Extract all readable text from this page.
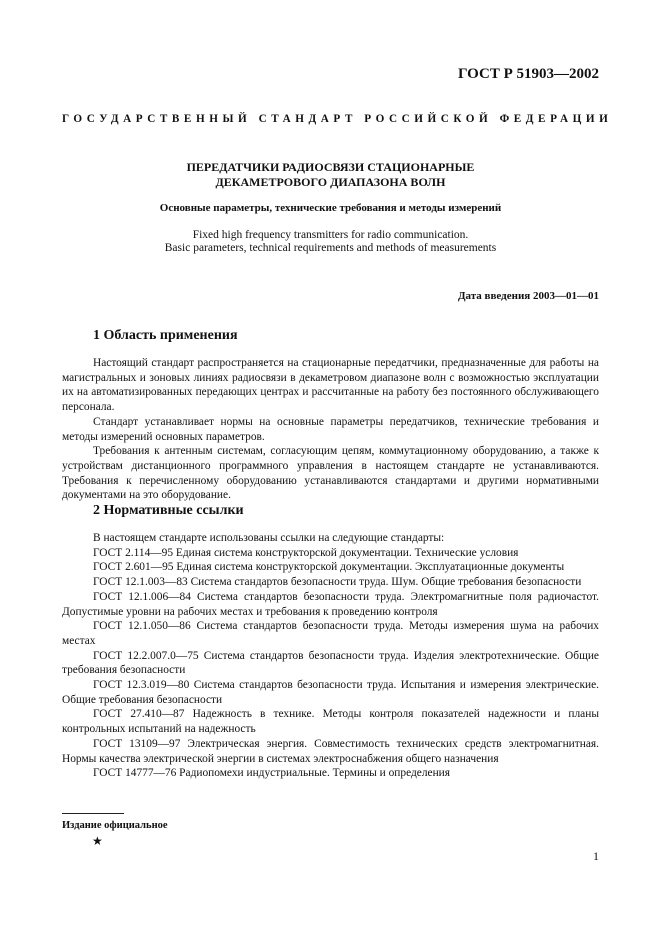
ГОСТ Р 51903—2002
ГОСУДАРСТВЕННЫЙ СТАНДАРТ РОССИЙСКОЙ ФЕДЕРАЦИИ
ПЕРЕДАТЧИКИ РАДИОСВЯЗИ СТАЦИОНАРНЫЕ
ДЕКАМЕТРОВОГО ДИАПАЗОНА ВОЛН
Основные параметры, технические требования и методы измерений
Fixed high frequency transmitters for radio communication.
Basic parameters, technical requirements and methods of measurements
Дата введения 2003—01—01
1 Область применения

Настоящий стандарт распространяется на стационарные передатчики, предназначенные для работы на магистральных и зоновых линиях радиосвязи в декаметровом диапазоне волн с возможностью эксплуатации их на автоматизированных передающих центрах и рассчитанные на работу без постоянного обслуживающего персонала.

Стандарт устанавливает нормы на основные параметры передатчиков, технические требования и методы измерений основных параметров.

Требования к антенным системам, согласующим цепям, коммутационному оборудованию, а также к устройствам дистанционного программного управления в настоящем стандарте не устанавливаются. Требования к перечисленному оборудованию устанавливаются стандартами и другими нормативными документами на это оборудование.

2 Нормативные ссылки

В настоящем стандарте использованы ссылки на следующие стандарты:

ГОСТ 2.114—95 Единая система конструкторской документации. Технические условия

ГОСТ 2.601—95 Единая система конструкторской документации. Эксплуатационные документы

ГОСТ 12.1.003—83 Система стандартов безопасности труда. Шум. Общие требования безопасности

ГОСТ 12.1.006—84 Система стандартов безопасности труда. Электромагнитные поля радиочастот. Допустимые уровни на рабочих местах и требования к проведению контроля

ГОСТ 12.1.050—86 Система стандартов безопасности труда. Методы измерения шума на рабочих местах

ГОСТ 12.2.007.0—75 Система стандартов безопасности труда. Изделия электротехнические. Общие требования безопасности

ГОСТ 12.3.019—80 Система стандартов безопасности труда. Испытания и измерения электрические. Общие требования безопасности

ГОСТ 27.410—87 Надежность в технике. Методы контроля показателей надежности и планы контрольных испытаний на надежность

ГОСТ 13109—97 Электрическая энергия. Совместимость технических средств электромагнитная. Нормы качества электрической энергии в системах электроснабжения общего назначения

ГОСТ 14777—76 Радиопомехи индустриальные. Термины и определения

Издание официальное
★
1
